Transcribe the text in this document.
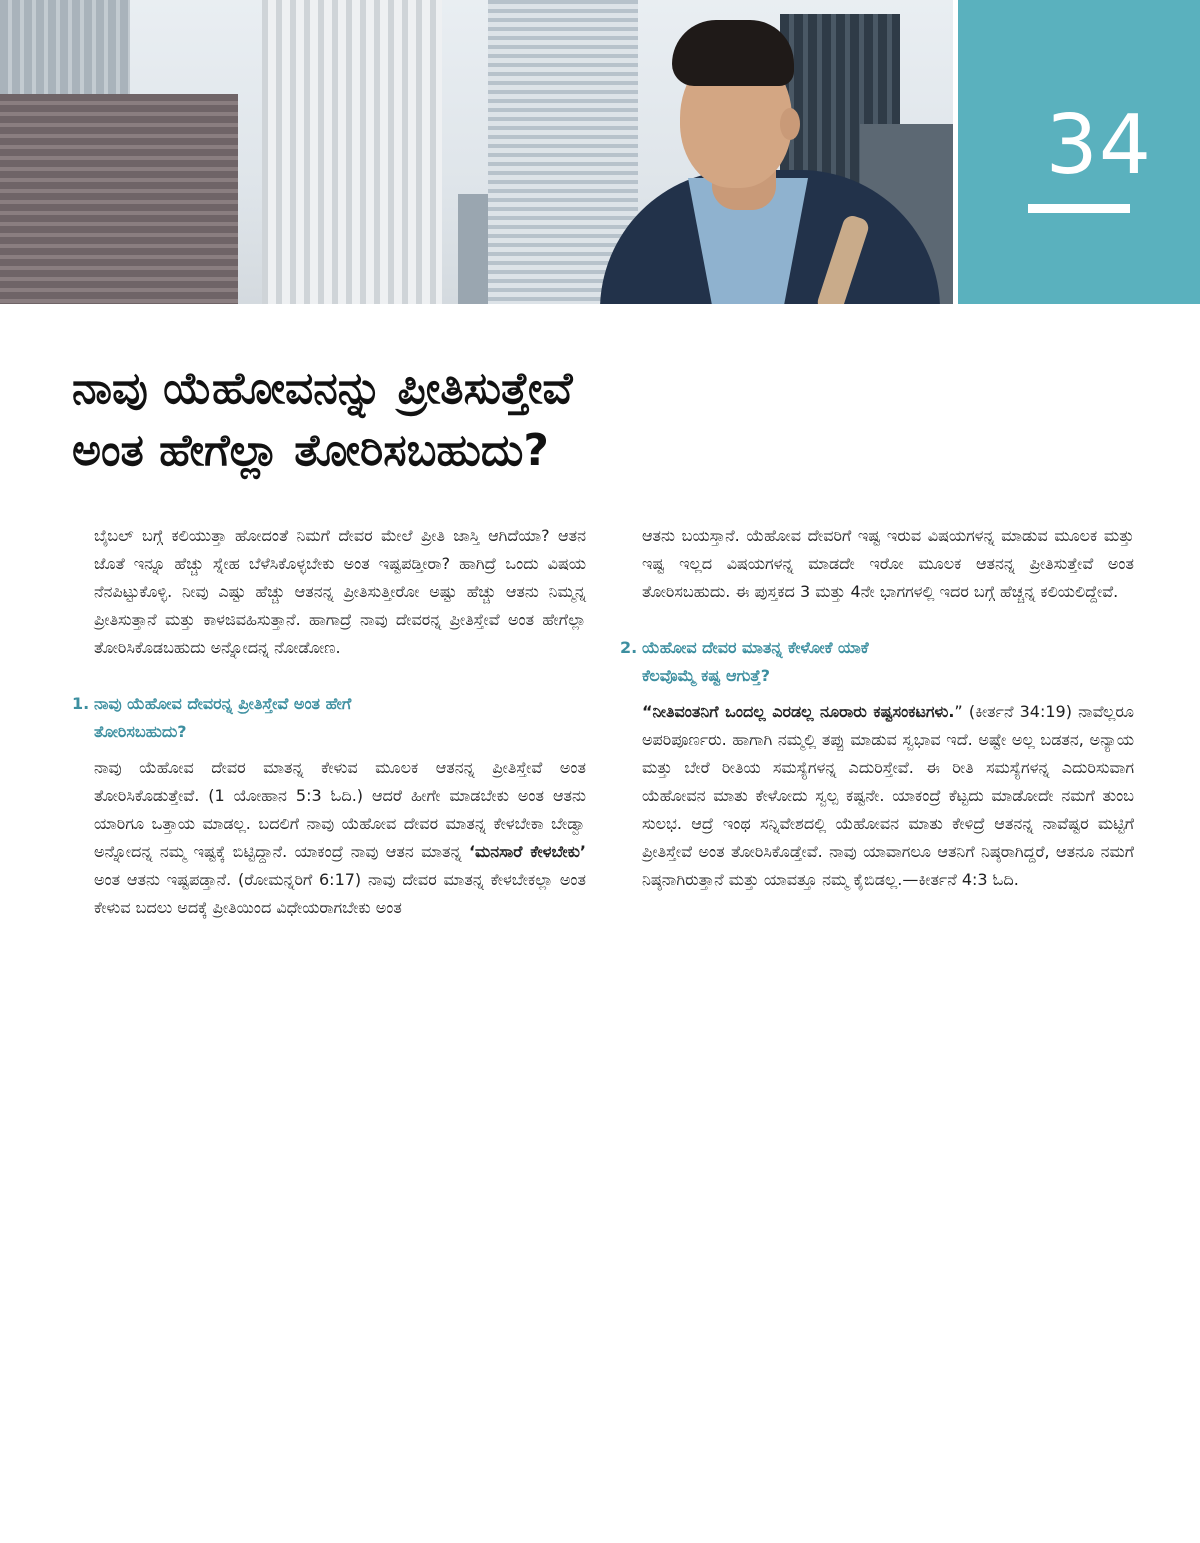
34
ನಾವು ಯೆಹೋವನನ್ನು ಪ್ರೀತಿಸುತ್ತೇವೆ
ಅಂತ ಹೇಗೆಲ್ಲಾ ತೋರಿಸಬಹುದು?

ಬೈಬಲ್ ಬಗ್ಗೆ ಕಲಿಯುತ್ತಾ ಹೋದಂತೆ ನಿಮಗೆ ದೇವರ ಮೇಲೆ ಪ್ರೀತಿ ಜಾಸ್ತಿ ಆಗಿದೆಯಾ? ಆತನ ಜೊತೆ ಇನ್ನೂ ಹೆಚ್ಚು ಸ್ನೇಹ ಬೆಳೆಸಿಕೊಳ್ಳಬೇಕು ಅಂತ ಇಷ್ಟಪಡ್ತೀರಾ? ಹಾಗಿದ್ರೆ ಒಂದು ವಿಷಯ ನೆನಪಿಟ್ಟುಕೊಳ್ಳಿ. ನೀವು ಎಷ್ಟು ಹೆಚ್ಚು ಆತನನ್ನ ಪ್ರೀತಿಸುತ್ತೀರೋ ಅಷ್ಟು ಹೆಚ್ಚು ಆತನು ನಿಮ್ಮನ್ನ ಪ್ರೀತಿಸುತ್ತಾನೆ ಮತ್ತು ಕಾಳಜಿವಹಿಸುತ್ತಾನೆ. ಹಾಗಾದ್ರೆ ನಾವು ದೇವರನ್ನ ಪ್ರೀತಿಸ್ತೇವೆ ಅಂತ ಹೇಗೆಲ್ಲಾ ತೋರಿಸಿಕೊಡಬಹುದು ಅನ್ನೋದನ್ನ ನೋಡೋಣ.

1. ನಾವು ಯೆಹೋವ ದೇವರನ್ನ ಪ್ರೀತಿಸ್ತೇವೆ ಅಂತ ಹೇಗೆ
ತೋರಿಸಬಹುದು?

ನಾವು ಯೆಹೋವ ದೇವರ ಮಾತನ್ನ ಕೇಳುವ ಮೂಲಕ ಆತನನ್ನ ಪ್ರೀತಿಸ್ತೇವೆ ಅಂತ ತೋರಿಸಿಕೊಡುತ್ತೇವೆ. (1 ಯೋಹಾನ 5:3 ಓದಿ.) ಆದರೆ ಹೀಗೇ ಮಾಡಬೇಕು ಅಂತ ಆತನು ಯಾರಿಗೂ ಒತ್ತಾಯ ಮಾಡಲ್ಲ. ಬದಲಿಗೆ ನಾವು ಯೆಹೋವ ದೇವರ ಮಾತನ್ನ ಕೇಳಬೇಕಾ ಬೇಡ್ವಾ ಅನ್ನೋದನ್ನ ನಮ್ಮ ಇಷ್ಟಕ್ಕೆ ಬಿಟ್ಟಿದ್ದಾನೆ. ಯಾಕಂದ್ರೆ ನಾವು ಆತನ ಮಾತನ್ನ ‘ಮನಸಾರೆ ಕೇಳಬೇಕು’ ಅಂತ ಆತನು ಇಷ್ಟಪಡ್ತಾನೆ. (ರೋಮನ್ನರಿಗೆ 6:17) ನಾವು ದೇವರ ಮಾತನ್ನ ಕೇಳಬೇಕಲ್ಲಾ ಅಂತ ಕೇಳುವ ಬದಲು ಅದಕ್ಕೆ ಪ್ರೀತಿಯಿಂದ ವಿಧೇಯರಾಗಬೇಕು ಅಂತ

ಆತನು ಬಯಸ್ತಾನೆ. ಯೆಹೋವ ದೇವರಿಗೆ ಇಷ್ಟ ಇರುವ ವಿಷಯಗಳನ್ನ ಮಾಡುವ ಮೂಲಕ ಮತ್ತು ಇಷ್ಟ ಇಲ್ಲದ ವಿಷಯಗಳನ್ನ ಮಾಡದೇ ಇರೋ ಮೂಲಕ ಆತನನ್ನ ಪ್ರೀತಿಸುತ್ತೇವೆ ಅಂತ ತೋರಿಸಬಹುದು. ಈ ಪುಸ್ತಕದ 3 ಮತ್ತು 4ನೇ ಭಾಗಗಳಲ್ಲಿ ಇದರ ಬಗ್ಗೆ ಹೆಚ್ಚನ್ನ ಕಲಿಯಲಿದ್ದೇವೆ.

2. ಯೆಹೋವ ದೇವರ ಮಾತನ್ನ ಕೇಳೋಕೆ ಯಾಕೆ
ಕೆಲವೊಮ್ಮೆ ಕಷ್ಟ ಆಗುತ್ತೆ?

“ನೀತಿವಂತನಿಗೆ ಒಂದಲ್ಲ ಎರಡಲ್ಲ ನೂರಾರು ಕಷ್ಟಸಂಕಟಗಳು.” (ಕೀರ್ತನೆ 34:19) ನಾವೆಲ್ಲರೂ ಅಪರಿಪೂರ್ಣರು. ಹಾಗಾಗಿ ನಮ್ಮಲ್ಲಿ ತಪ್ಪು ಮಾಡುವ ಸ್ವಭಾವ ಇದೆ. ಅಷ್ಟೇ ಅಲ್ಲ ಬಡತನ, ಅನ್ಯಾಯ ಮತ್ತು ಬೇರೆ ರೀತಿಯ ಸಮಸ್ಯೆಗಳನ್ನ ಎದುರಿಸ್ತೇವೆ. ಈ ರೀತಿ ಸಮಸ್ಯೆಗಳನ್ನ ಎದುರಿಸುವಾಗ ಯೆಹೋವನ ಮಾತು ಕೇಳೋದು ಸ್ವಲ್ಪ ಕಷ್ಟನೇ. ಯಾಕಂದ್ರೆ ಕೆಟ್ಟದು ಮಾಡೋದೇ ನಮಗೆ ತುಂಬ ಸುಲಭ. ಆದ್ರೆ ಇಂಥ ಸನ್ನಿವೇಶದಲ್ಲಿ ಯೆಹೋವನ ಮಾತು ಕೇಳಿದ್ರೆ ಆತನನ್ನ ನಾವೆಷ್ಟರ ಮಟ್ಟಿಗೆ ಪ್ರೀತಿಸ್ತೇವೆ ಅಂತ ತೋರಿಸಿಕೊಡ್ತೇವೆ. ನಾವು ಯಾವಾಗಲೂ ಆತನಿಗೆ ನಿಷ್ಠರಾಗಿದ್ದರೆ, ಆತನೂ ನಮಗೆ ನಿಷ್ಠನಾಗಿರುತ್ತಾನೆ ಮತ್ತು ಯಾವತ್ತೂ ನಮ್ಮ ಕೈಬಿಡಲ್ಲ.—ಕೀರ್ತನೆ 4:3 ಓದಿ.
